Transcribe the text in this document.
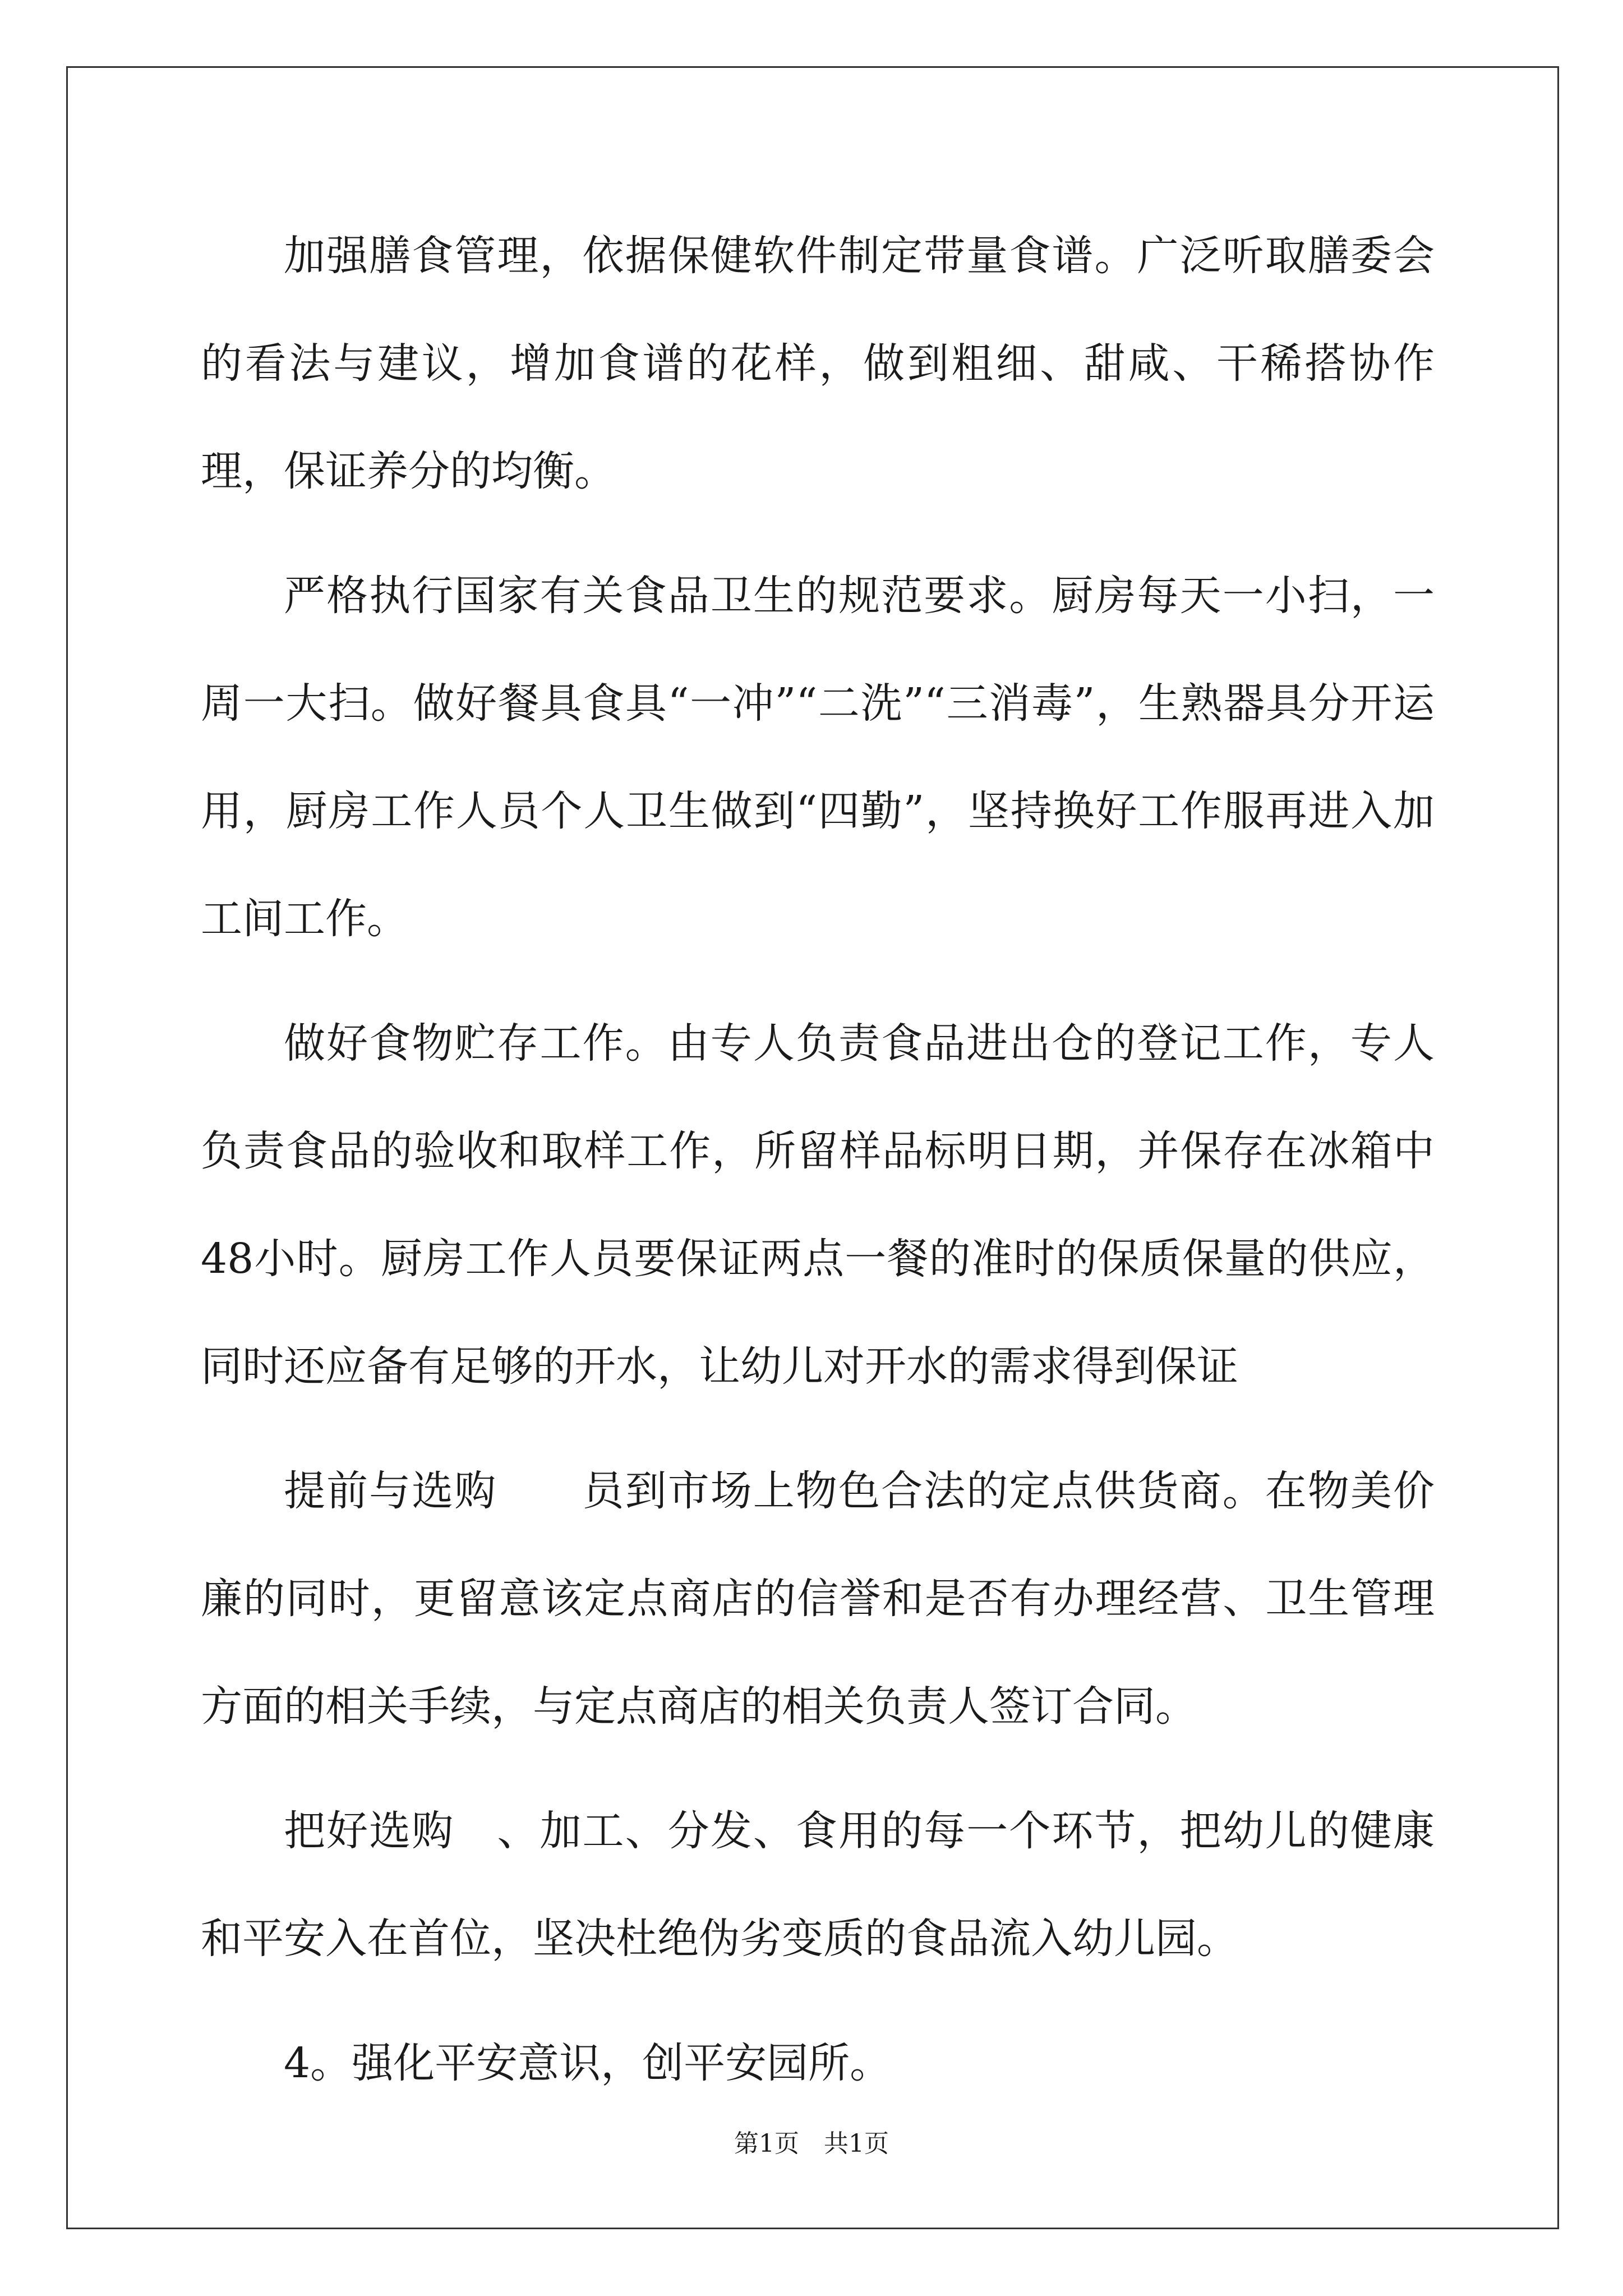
加强膳食管理，依据保健软件制定带量食谱。广泛听取膳委会的看法与建议，增加食谱的花样，做到粗细、甜咸、干稀搭协作理，保证养分的均衡。

严格执行国家有关食品卫生的规范要求。厨房每天一小扫，一周一大扫。做好餐具食具“一冲”“二洗”“三消毒”，生熟器具分开运用，厨房工作人员个人卫生做到“四勤”，坚持换好工作服再进入加工间工作。

做好食物贮存工作。由专人负责食品进出仓的登记工作，专人负责食品的验收和取样工作，所留样品标明日期，并保存在冰箱中48小时。厨房工作人员要保证两点一餐的准时的保质保量的供应，同时还应备有足够的开水，让幼儿对开水的需求得到保证

提前与选购　　员到市场上物色合法的定点供货商。在物美价廉的同时，更留意该定点商店的信誉和是否有办理经营、卫生管理方面的相关手续，与定点商店的相关负责人签订合同。

把好选购　、加工、分发、食用的每一个环节，把幼儿的健康和平安入在首位，坚决杜绝伪劣变质的食品流入幼儿园。

4。强化平安意识，创平安园所。

第1页　共1页
